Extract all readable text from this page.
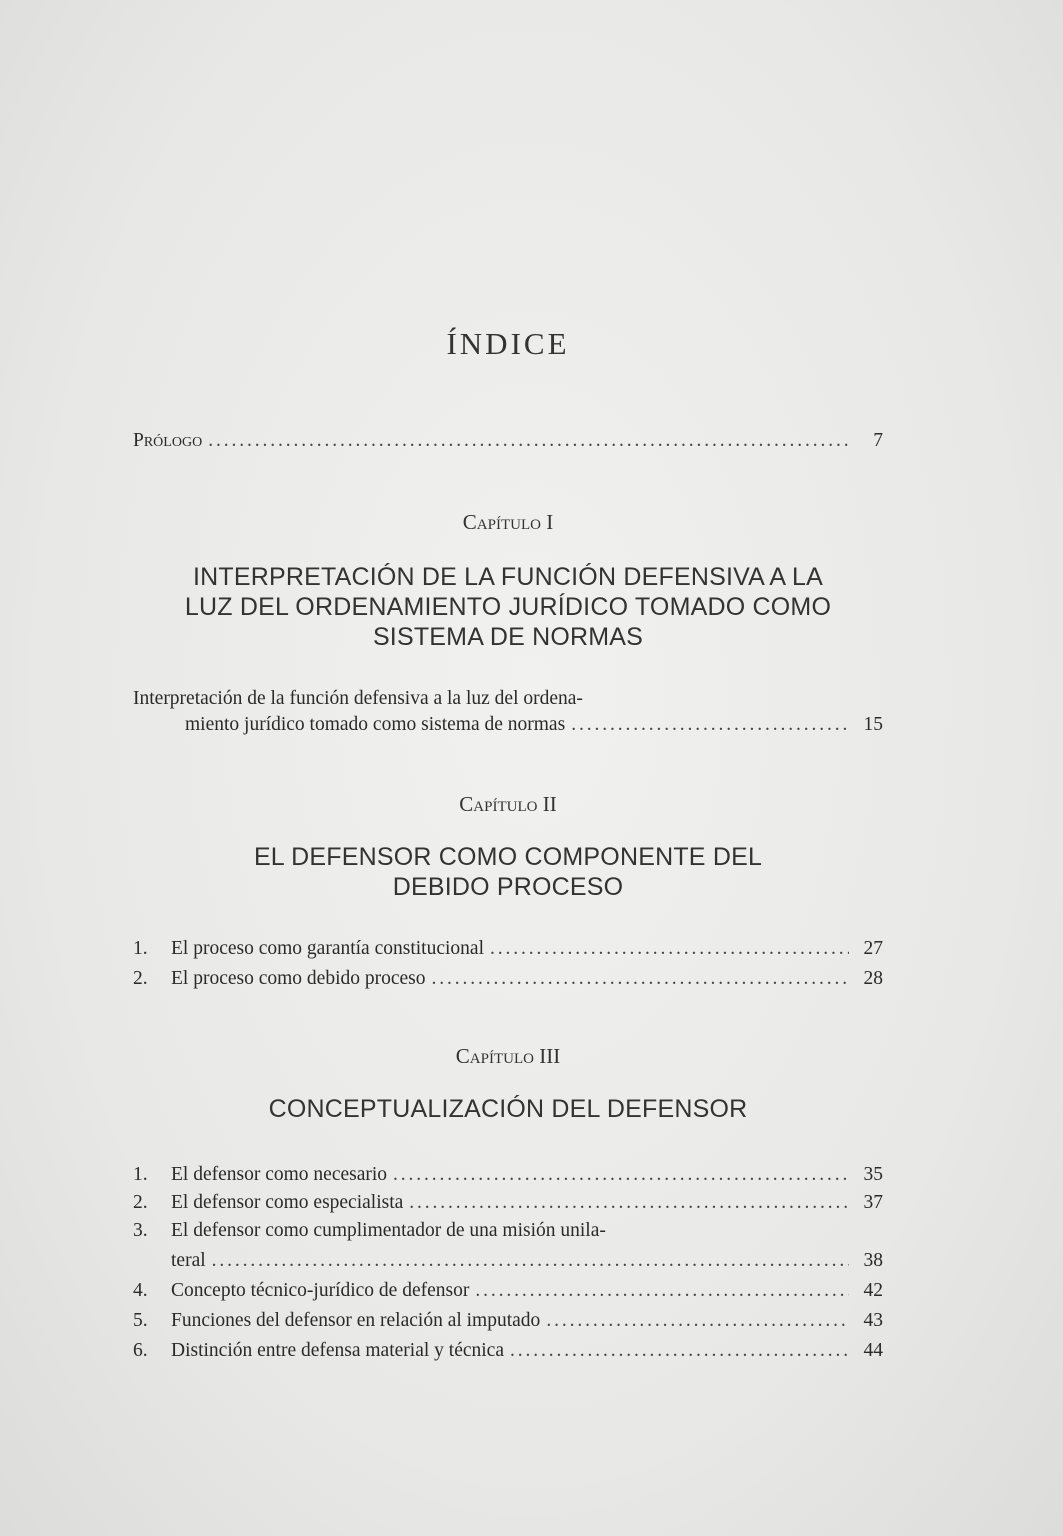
ÍNDICE
Prólogo . . .	7
Capítulo I
INTERPRETACIÓN DE LA FUNCIÓN DEFENSIVA A LA
LUZ DEL ORDENAMIENTO JURÍDICO TOMADO COMO
SISTEMA DE NORMAS
Interpretación de la función defensiva a la luz del ordena-
miento jurídico tomado como sistema de normas . . .	15
Capítulo II
EL DEFENSOR COMO COMPONENTE DEL
DEBIDO PROCESO
1.	El proceso como garantía constitucional . . .	27
2.	El proceso como debido proceso . . .	28
Capítulo III
CONCEPTUALIZACIÓN DEL DEFENSOR
1.	El defensor como necesario . . .	35
2.	El defensor como especialista . . .	37
3.	El defensor como cumplimentador de una misión unila-
teral . . .	38
4.	Concepto técnico-jurídico de defensor . . .	42
5.	Funciones del defensor en relación al imputado . . .	43
6.	Distinción entre defensa material y técnica . . .	44
